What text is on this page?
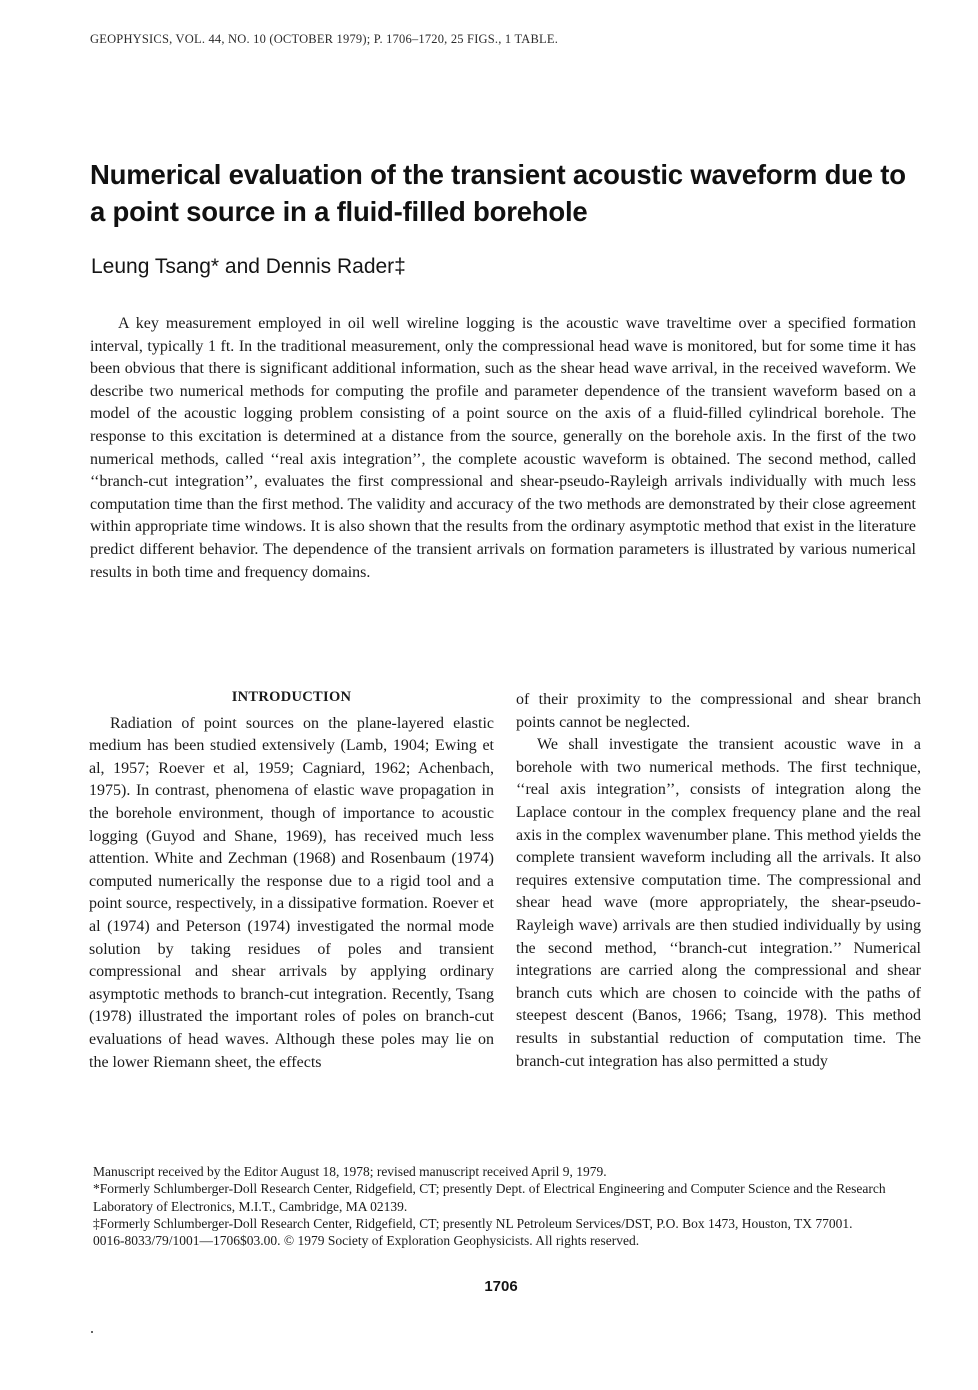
GEOPHYSICS, VOL. 44, NO. 10 (OCTOBER 1979); P. 1706–1720, 25 FIGS., 1 TABLE.
Numerical evaluation of the transient acoustic waveform due to a point source in a fluid-filled borehole
Leung Tsang* and Dennis Rader‡

A key measurement employed in oil well wireline logging is the acoustic wave traveltime over a specified formation interval, typically 1 ft. In the traditional measurement, only the compressional head wave is monitored, but for some time it has been obvious that there is significant additional information, such as the shear head wave arrival, in the received waveform. We describe two numerical methods for computing the profile and parameter dependence of the transient waveform based on a model of the acoustic logging problem consisting of a point source on the axis of a fluid-filled cylindrical borehole. The response to this excitation is determined at a distance from the source, generally on the borehole axis. In the first of the two numerical methods, called ‘‘real axis integration’’, the complete acoustic waveform is obtained. The second method, called ‘‘branch-cut integration’’, evaluates the first compressional and shear-pseudo-Rayleigh arrivals individually with much less computation time than the first method. The validity and accuracy of the two methods are demonstrated by their close agreement within appropriate time windows. It is also shown that the results from the ordinary asymptotic method that exist in the literature predict different behavior. The dependence of the transient arrivals on formation parameters is illustrated by various numerical results in both time and frequency domains.

INTRODUCTION

Radiation of point sources on the plane-layered elastic medium has been studied extensively (Lamb, 1904; Ewing et al, 1957; Roever et al, 1959; Cagniard, 1962; Achenbach, 1975). In contrast, phenomena of elastic wave propagation in the borehole environment, though of importance to acoustic logging (Guyod and Shane, 1969), has received much less attention. White and Zechman (1968) and Rosenbaum (1974) computed numerically the response due to a rigid tool and a point source, respectively, in a dissipative formation. Roever et al (1974) and Peterson (1974) investigated the normal mode solution by taking residues of poles and transient compressional and shear arrivals by applying ordinary asymptotic methods to branch-cut integration. Recently, Tsang (1978) illustrated the important roles of poles on branch-cut evaluations of head waves. Although these poles may lie on the lower Riemann sheet, the effects

of their proximity to the compressional and shear branch points cannot be neglected.

We shall investigate the transient acoustic wave in a borehole with two numerical methods. The first technique, ‘‘real axis integration’’, consists of integration along the Laplace contour in the complex frequency plane and the real axis in the complex wavenumber plane. This method yields the complete transient waveform including all the arrivals. It also requires extensive computation time. The compressional and shear head wave (more appropriately, the shear-pseudo-Rayleigh wave) arrivals are then studied individually by using the second method, ‘‘branch-cut integration.’’ Numerical integrations are carried along the compressional and shear branch cuts which are chosen to coincide with the paths of steepest descent (Banos, 1966; Tsang, 1978). This method results in substantial reduction of computation time. The branch-cut integration has also permitted a study

Manuscript received by the Editor August 18, 1978; revised manuscript received April 9, 1979.

*Formerly Schlumberger-Doll Research Center, Ridgefield, CT; presently Dept. of Electrical Engineering and Computer Science and the Research Laboratory of Electronics, M.I.T., Cambridge, MA 02139.

‡Formerly Schlumberger-Doll Research Center, Ridgefield, CT; presently NL Petroleum Services/DST, P.O. Box 1473, Houston, TX 77001.

0016-8033/79/1001—1706$03.00. © 1979 Society of Exploration Geophysicists. All rights reserved.

1706
